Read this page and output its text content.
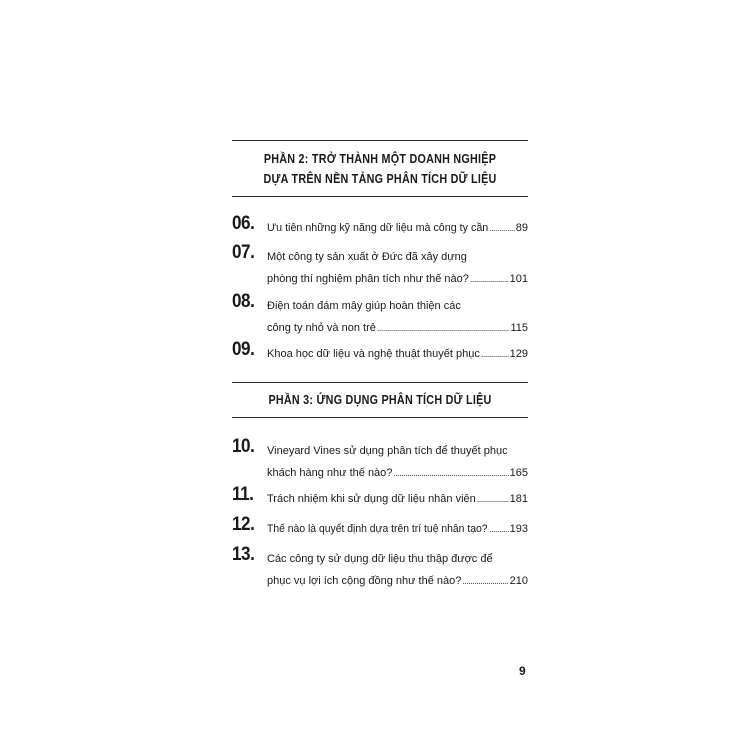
PHẦN 2: TRỞ THÀNH MỘT DOANH NGHIỆP
DỰA TRÊN NỀN TẢNG PHÂN TÍCH DỮ LIỆU
06. Ưu tiên những kỹ năng dữ liệu mà công ty cần ..... 89
07. Một công ty sản xuất ở Đức đã xây dựng
phòng thí nghiệm phân tích như thế nào? .....	101
08. Điện toán đám mây giúp hoàn thiện các
công ty nhỏ và non trẻ .....	115
09. Khoa học dữ liệu và nghệ thuật thuyết phục .....	129
PHẦN 3: ỨNG DỤNG PHÂN TÍCH DỮ LIỆU
10. Vineyard Vines sử dụng phân tích để thuyết phục
khách hàng như thế nào? .....	165
11. Trách nhiệm khi sử dụng dữ liệu nhân viên .....	181
12. Thế nào là quyết định dựa trên trí tuệ nhân tạo? ..... 193
13. Các công ty sử dụng dữ liệu thu thập được để
phục vụ lợi ích cộng đồng như thế nào? .....	210
9
